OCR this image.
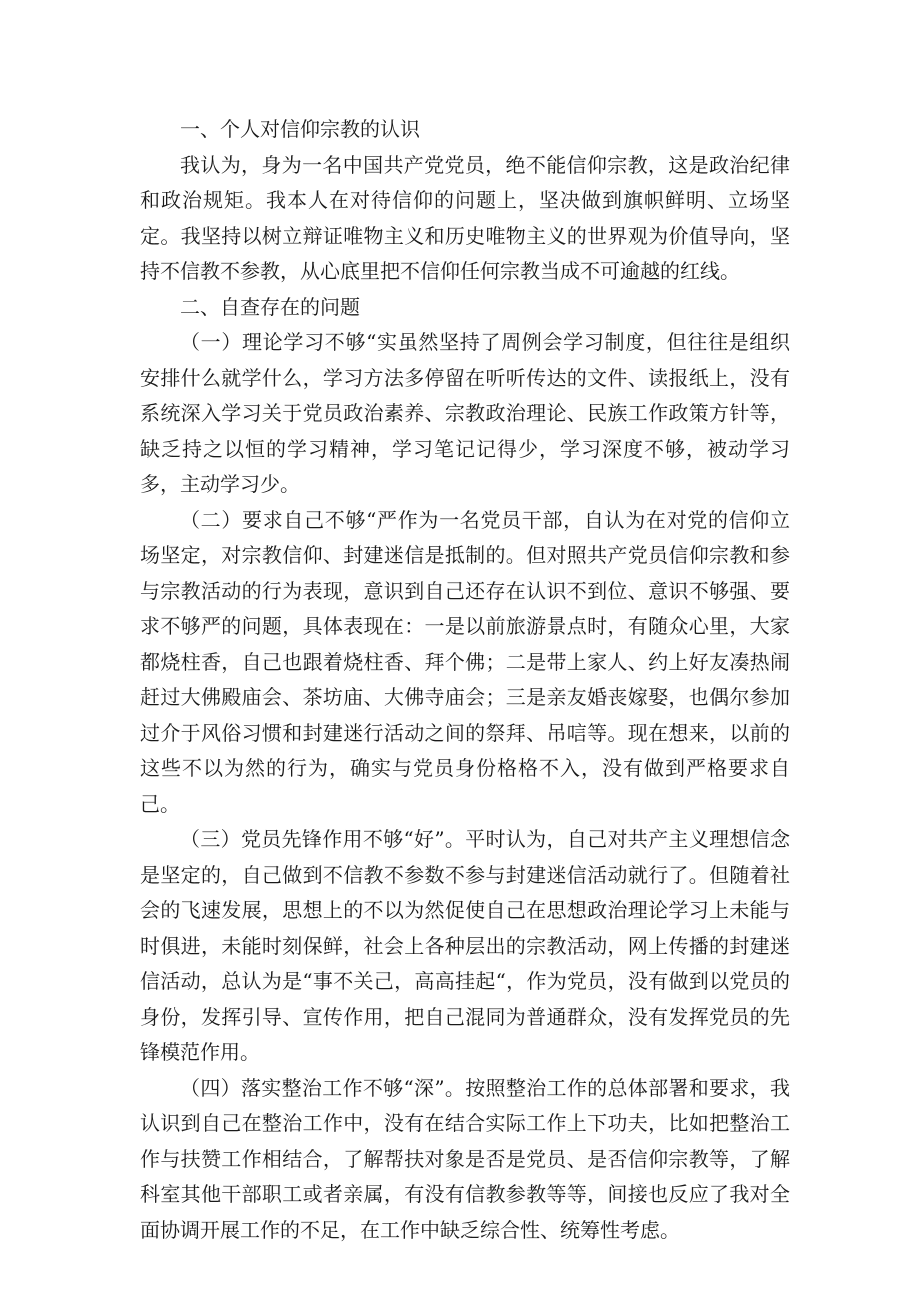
一、个人对信仰宗教的认识

我认为，身为一名中国共产党党员，绝不能信仰宗教，这是政治纪律和政治规矩。我本人在对待信仰的问题上，坚决做到旗帜鲜明、立场坚定。我坚持以树立辩证唯物主义和历史唯物主义的世界观为价值导向，坚持不信教不参教，从心底里把不信仰任何宗教当成不可逾越的红线。

二、自查存在的问题

（一）理论学习不够“实虽然坚持了周例会学习制度，但往往是组织安排什么就学什么，学习方法多停留在听听传达的文件、读报纸上，没有系统深入学习关于党员政治素养、宗教政治理论、民族工作政策方针等，缺乏持之以恒的学习精神，学习笔记记得少，学习深度不够，被动学习多，主动学习少。

（二）要求自己不够“严作为一名党员干部，自认为在对党的信仰立场坚定，对宗教信仰、封建迷信是抵制的。但对照共产党员信仰宗教和参与宗教活动的行为表现，意识到自己还存在认识不到位、意识不够强、要求不够严的问题，具体表现在：一是以前旅游景点时，有随众心里，大家都烧柱香，自己也跟着烧柱香、拜个佛；二是带上家人、约上好友凑热闹赶过大佛殿庙会、茶坊庙、大佛寺庙会；三是亲友婚丧嫁娶，也偶尔参加过介于风俗习惯和封建迷行活动之间的祭拜、吊唁等。现在想来，以前的这些不以为然的行为，确实与党员身份格格不入，没有做到严格要求自己。

（三）党员先锋作用不够“好”。平时认为，自己对共产主义理想信念是坚定的，自己做到不信教不参数不参与封建迷信活动就行了。但随着社会的飞速发展，思想上的不以为然促使自己在思想政治理论学习上未能与时俱进，未能时刻保鲜，社会上各种层出的宗教活动，网上传播的封建迷信活动，总认为是“事不关己，高高挂起“，作为党员，没有做到以党员的身份，发挥引导、宣传作用，把自己混同为普通群众，没有发挥党员的先锋模范作用。

（四）落实整治工作不够“深”。按照整治工作的总体部署和要求，我认识到自己在整治工作中，没有在结合实际工作上下功夫，比如把整治工作与扶赞工作相结合，了解帮扶对象是否是党员、是否信仰宗教等，了解科室其他干部职工或者亲属，有没有信教参教等等，间接也反应了我对全面协调开展工作的不足，在工作中缺乏综合性、统筹性考虑。
